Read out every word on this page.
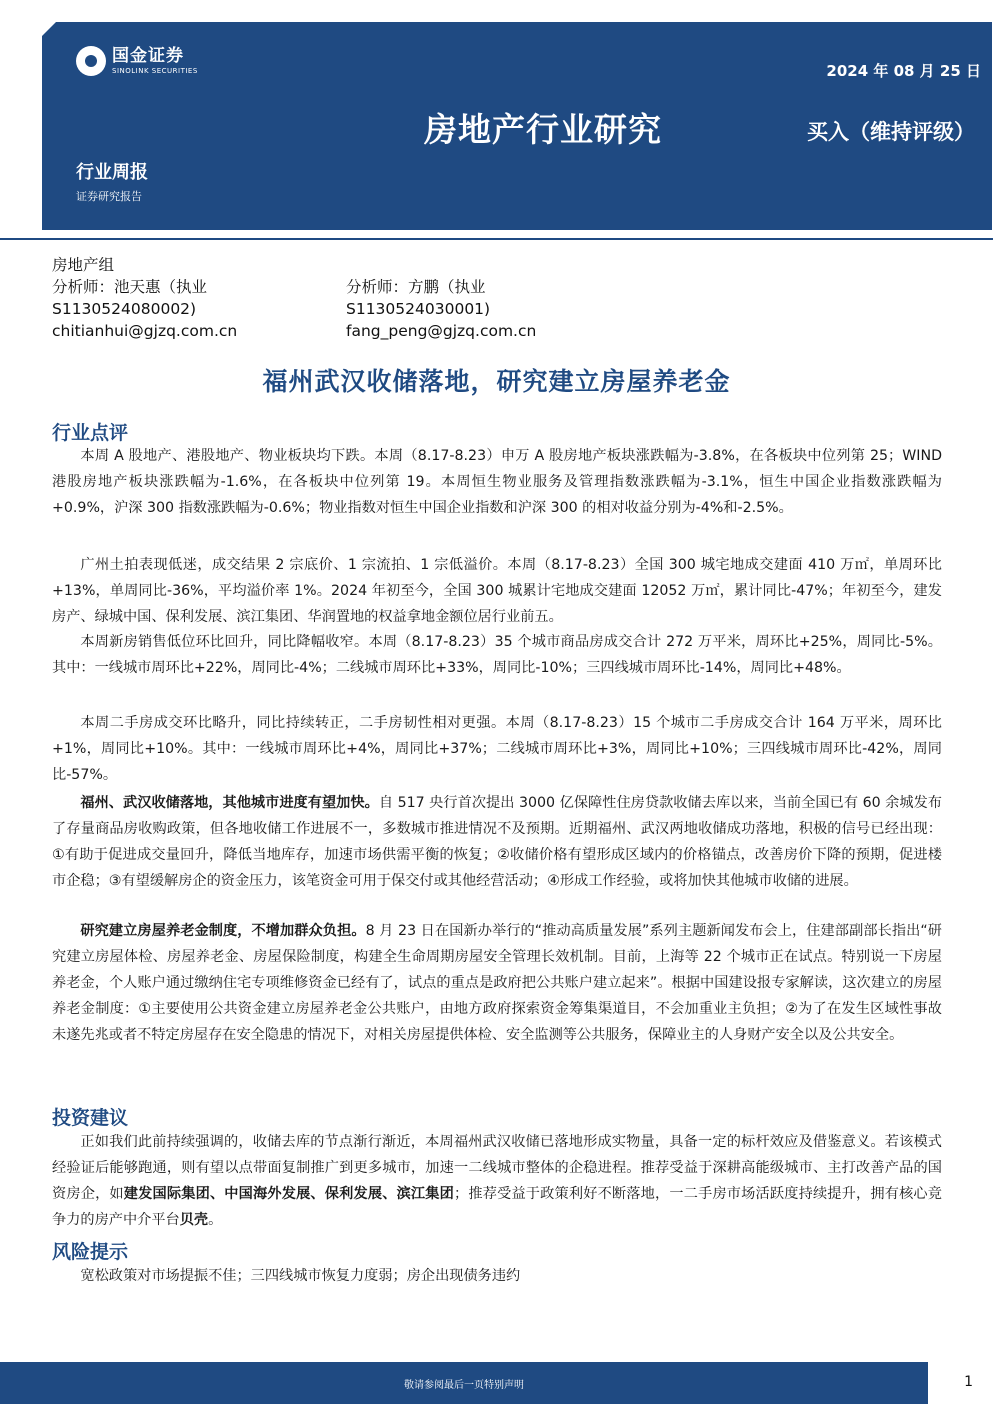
国金证券
SINOLINK SECURITIES	2024 年 08 月 25 日
房地产行业研究	买入（维持评级）
行业周报
证券研究报告
房地产组
分析师：池天惠（执业
S1130524080002)
chitianhui@gjzq.com.cn
分析师：方鹏（执业
S1130524030001)
fang_peng@gjzq.com.cn
福州武汉收储落地，研究建立房屋养老金
行业点评

本周 A 股地产、港股地产、物业板块均下跌。本周（8.17-8.23）申万 A 股房地产板块涨跌幅为-3.8%，在各板块中位列第 25；WIND 港股房地产板块涨跌幅为-1.6%，在各板块中位列第 19。本周恒生物业服务及管理指数涨跌幅为-3.1%，恒生中国企业指数涨跌幅为+0.9%，沪深 300 指数涨跌幅为-0.6%；物业指数对恒生中国企业指数和沪深 300 的相对收益分别为-4%和-2.5%。

广州土拍表现低迷，成交结果 2 宗底价、1 宗流拍、1 宗低溢价。本周（8.17-8.23）全国 300 城宅地成交建面 410 万㎡，单周环比+13%，单周同比-36%，平均溢价率 1%。2024 年初至今，全国 300 城累计宅地成交建面 12052 万㎡，累计同比-47%；年初至今，建发房产、绿城中国、保利发展、滨江集团、华润置地的权益拿地金额位居行业前五。

本周新房销售低位环比回升，同比降幅收窄。本周（8.17-8.23）35 个城市商品房成交合计 272 万平米，周环比+25%，周同比-5%。其中：一线城市周环比+22%，周同比-4%；二线城市周环比+33%，周同比-10%；三四线城市周环比-14%，周同比+48%。

本周二手房成交环比略升，同比持续转正，二手房韧性相对更强。本周（8.17-8.23）15 个城市二手房成交合计 164 万平米，周环比+1%，周同比+10%。其中：一线城市周环比+4%，周同比+37%；二线城市周环比+3%，周同比+10%；三四线城市周环比-42%，周同比-57%。

福州、武汉收储落地，其他城市进度有望加快。自 517 央行首次提出 3000 亿保障性住房贷款收储去库以来，当前全国已有 60 余城发布了存量商品房收购政策，但各地收储工作进展不一，多数城市推进情况不及预期。近期福州、武汉两地收储成功落地，积极的信号已经出现：①有助于促进成交量回升，降低当地库存，加速市场供需平衡的恢复；②收储价格有望形成区域内的价格锚点，改善房价下降的预期，促进楼市企稳；③有望缓解房企的资金压力，该笔资金可用于保交付或其他经营活动；④形成工作经验，或将加快其他城市收储的进展。

研究建立房屋养老金制度，不增加群众负担。8 月 23 日在国新办举行的“推动高质量发展”系列主题新闻发布会上，住建部副部长指出“研究建立房屋体检、房屋养老金、房屋保险制度，构建全生命周期房屋安全管理长效机制。目前，上海等 22 个城市正在试点。特别说一下房屋养老金，个人账户通过缴纳住宅专项维修资金已经有了，试点的重点是政府把公共账户建立起来”。根据中国建设报专家解读，这次建立的房屋养老金制度：①主要使用公共资金建立房屋养老金公共账户，由地方政府探索资金筹集渠道目，不会加重业主负担；②为了在发生区域性事故未遂先兆或者不特定房屋存在安全隐患的情况下，对相关房屋提供体检、安全监测等公共服务，保障业主的人身财产安全以及公共安全。

投资建议

正如我们此前持续强调的，收储去库的节点渐行渐近，本周福州武汉收储已落地形成实物量，具备一定的标杆效应及借鉴意义。若该模式经验证后能够跑通，则有望以点带面复制推广到更多城市，加速一二线城市整体的企稳进程。推荐受益于深耕高能级城市、主打改善产品的国资房企，如建发国际集团、中国海外发展、保利发展、滨江集团；推荐受益于政策利好不断落地，一二手房市场活跃度持续提升，拥有核心竞争力的房产中介平台贝壳。

风险提示

宽松政策对市场提振不佳；三四线城市恢复力度弱；房企出现债务违约

敬请参阅最后一页特别声明	1
